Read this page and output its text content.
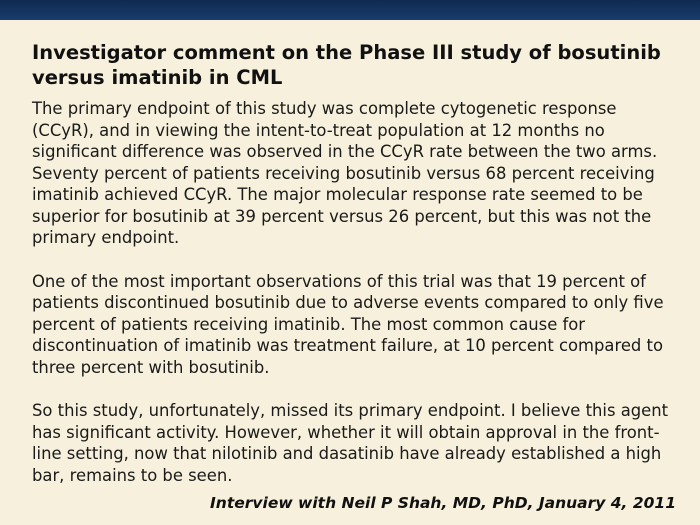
Investigator comment on the Phase III study of bosutinib versus imatinib in CML

The primary endpoint of this study was complete cytogenetic response (CCyR), and in viewing the intent-to-treat population at 12 months no significant difference was observed in the CCyR rate between the two arms. Seventy percent of patients receiving bosutinib versus 68 percent receiving imatinib achieved CCyR. The major molecular response rate seemed to be superior for bosutinib at 39 percent versus 26 percent, but this was not the primary endpoint.

One of the most important observations of this trial was that 19 percent of patients discontinued bosutinib due to adverse events compared to only five percent of patients receiving imatinib. The most common cause for discontinuation of imatinib was treatment failure, at 10 percent compared to three percent with bosutinib.

So this study, unfortunately, missed its primary endpoint. I believe this agent has significant activity. However, whether it will obtain approval in the front-line setting, now that nilotinib and dasatinib have already established a high bar, remains to be seen.

Interview with Neil P Shah, MD, PhD, January 4, 2011
